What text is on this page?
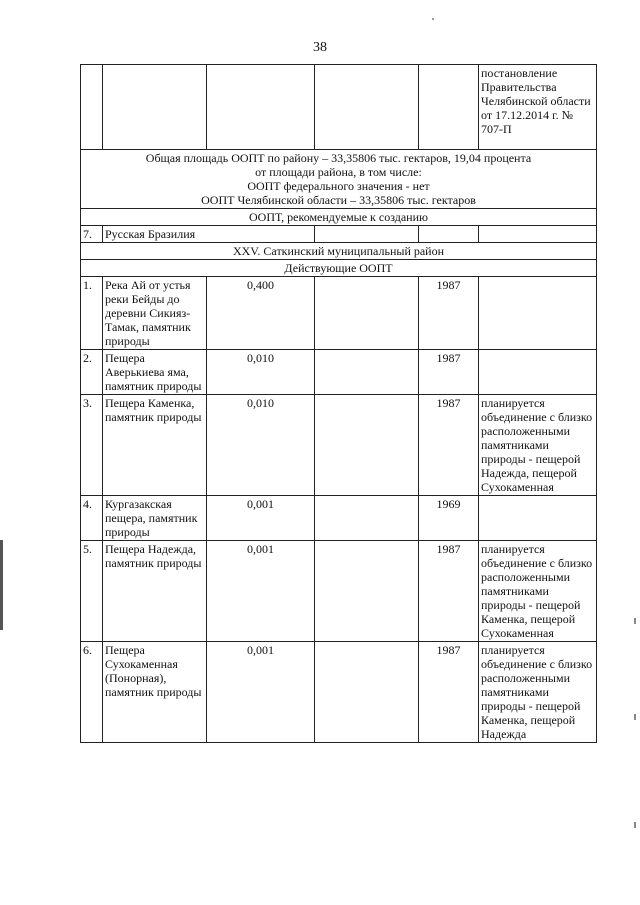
38
					постановление Правительства Челябинской области от 17.12.2014 г. № 707-П

Общая площадь ООПТ по району – 33,35806 тыс. гектаров, 19,04 процента
от площади района, в том числе:
ООПТ федерального значения - нет
ООПТ Челябинской области – 33,35806 тыс. гектаров					

ООПТ, рекомендуемые к созданию					
7.	Русская Бразилия				
XXV. Саткинский муниципальный район					
Действующие ООПТ					
1.	Река Ай от устья реки Бейды до деревни Сикияз-Тамак, памятник природы	0,400		1987	
2.	Пещера Аверькиева яма, памятник природы	0,010		1987	
3.	Пещера Каменка, памятник природы	0,010		1987	планируется объединение с близко расположенными памятниками природы - пещерой Надежда, пещерой Сухокаменная
4.	Кургазакская пещера, памятник природы	0,001		1969	
5.	Пещера Надежда, памятник природы	0,001		1987	планируется объединение с близко расположенными памятниками природы - пещерой Каменка, пещерой Сухокаменная
6.	Пещера Сухокаменная (Понорная), памятник природы	0,001		1987	планируется объединение с близко расположенными памятниками природы - пещерой Каменка, пещерой Надежда
